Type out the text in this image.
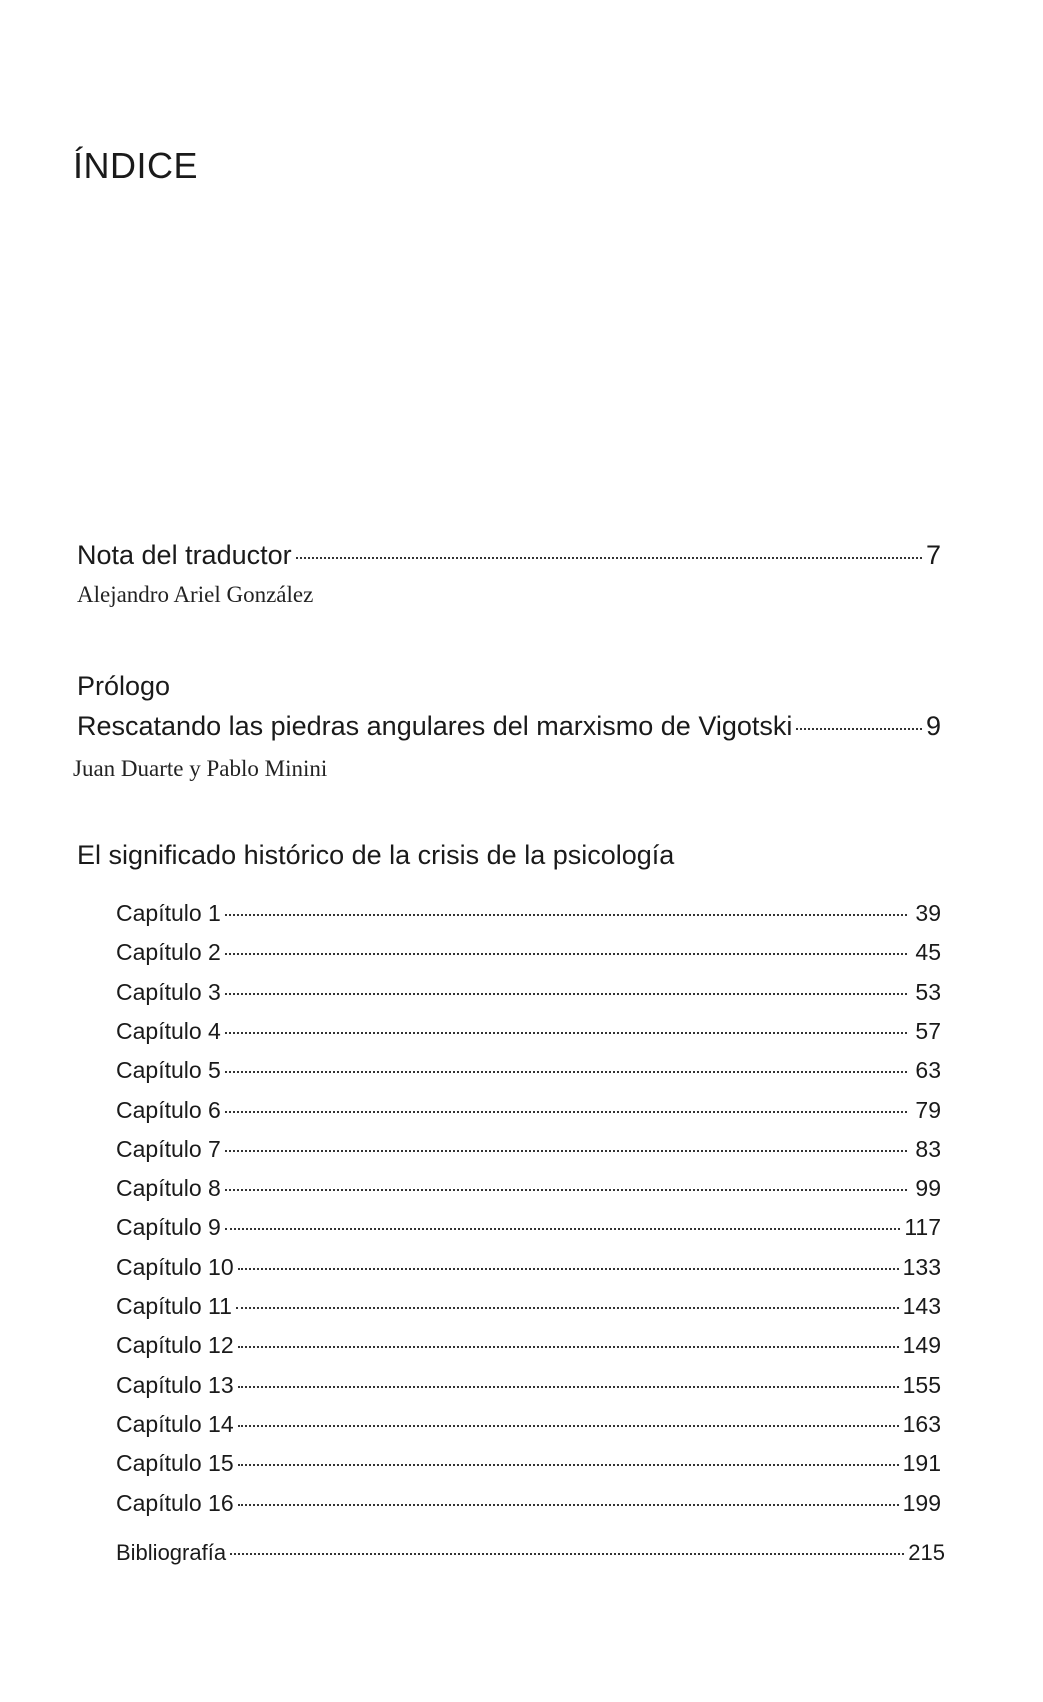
ÍNDICE
Nota del traductor	7
Alejandro Ariel González
Prólogo
Rescatando las piedras angulares del marxismo de Vigotski	9
Juan Duarte y Pablo Minini
El significado histórico de la crisis de la psicología
Capítulo 1	39
Capítulo 2	45
Capítulo 3	53
Capítulo 4	57
Capítulo 5	63
Capítulo 6	79
Capítulo 7	83
Capítulo 8	99
Capítulo 9	117
Capítulo 10	133
Capítulo 11	143
Capítulo 12	149
Capítulo 13	155
Capítulo 14	163
Capítulo 15	191
Capítulo 16	199
Bibliografía	215
